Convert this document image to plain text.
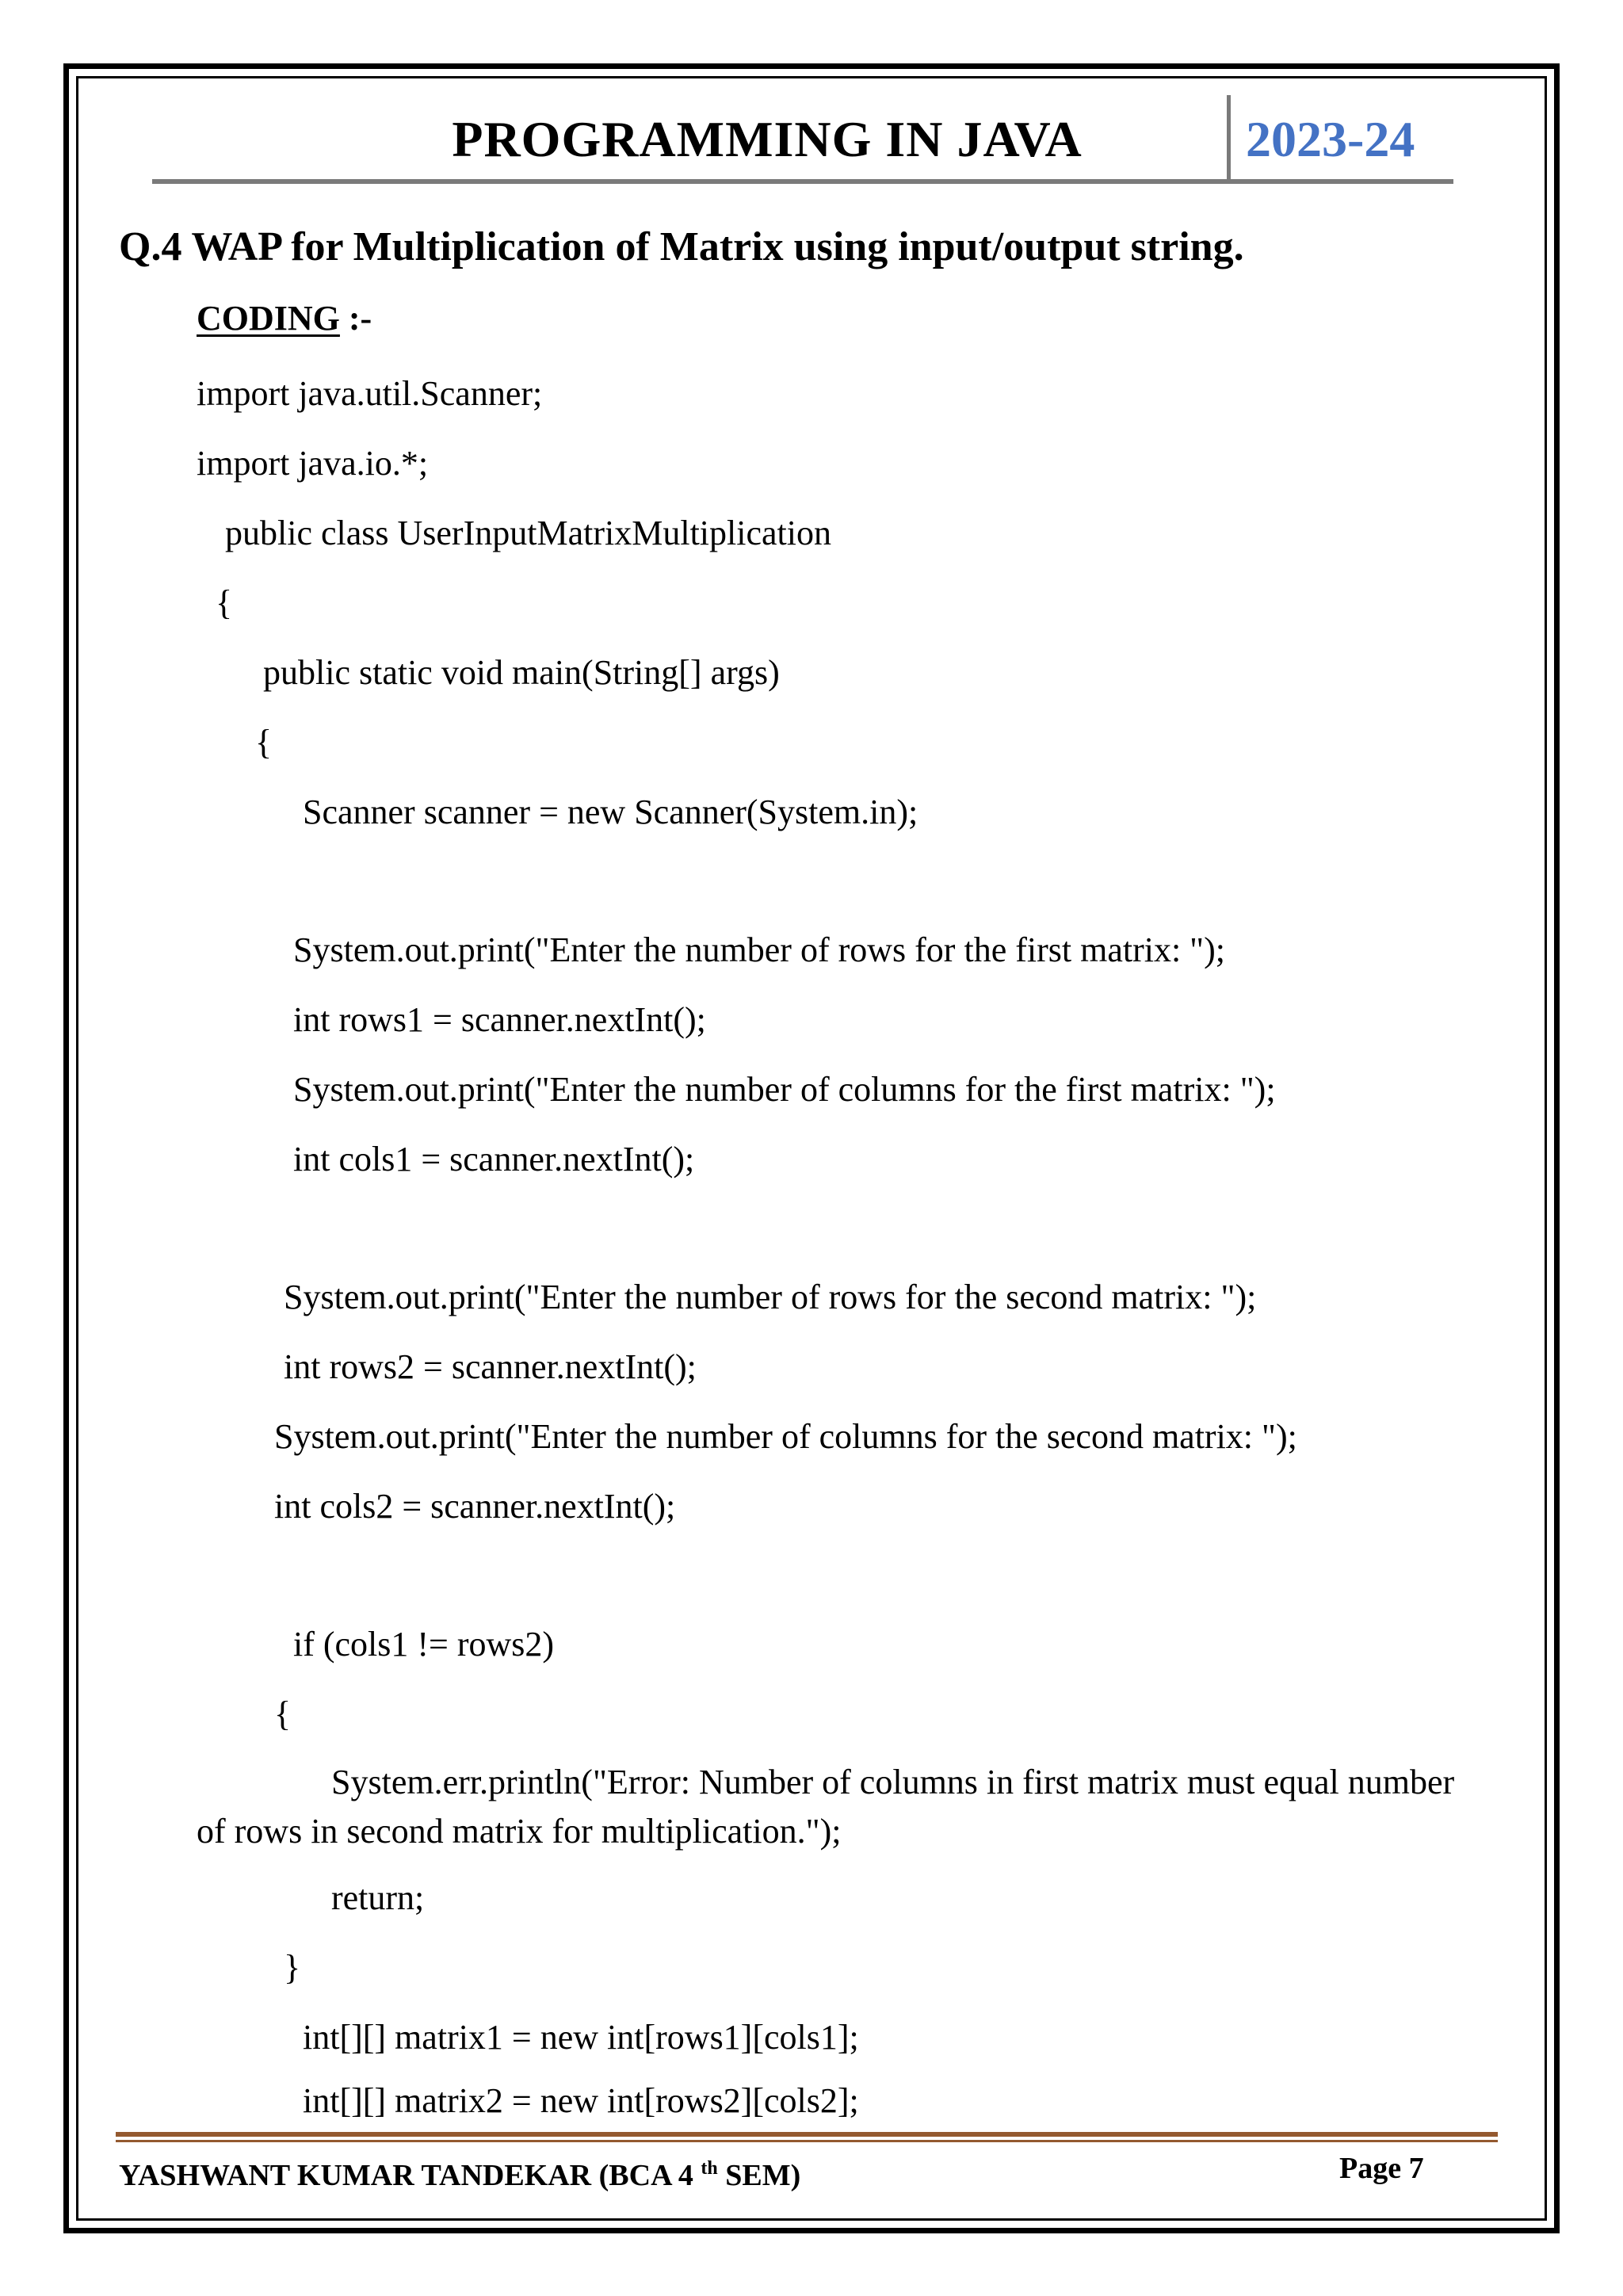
PROGRAMMING IN JAVA	2023-24
Q.4 WAP for Multiplication of Matrix using input/output string.
CODING :-
import java.util.Scanner;
import java.io.*;
public class UserInputMatrixMultiplication
{
public static void main(String[] args)
{
Scanner scanner = new Scanner(System.in);
System.out.print("Enter the number of rows for the first matrix: ");
int rows1 = scanner.nextInt();
System.out.print("Enter the number of columns for the first matrix: ");
int cols1 = scanner.nextInt();
System.out.print("Enter the number of rows for the second matrix: ");
int rows2 = scanner.nextInt();
System.out.print("Enter the number of columns for the second matrix: ");
int cols2 = scanner.nextInt();
if (cols1 != rows2)
{
System.err.println("Error: Number of columns in first matrix must equal number of rows in second matrix for multiplication.");
return;
}
int[][] matrix1 = new int[rows1][cols1];
int[][] matrix2 = new int[rows2][cols2];
YASHWANT KUMAR TANDEKAR (BCA 4 $^{th}$ SEM)	Page 7
